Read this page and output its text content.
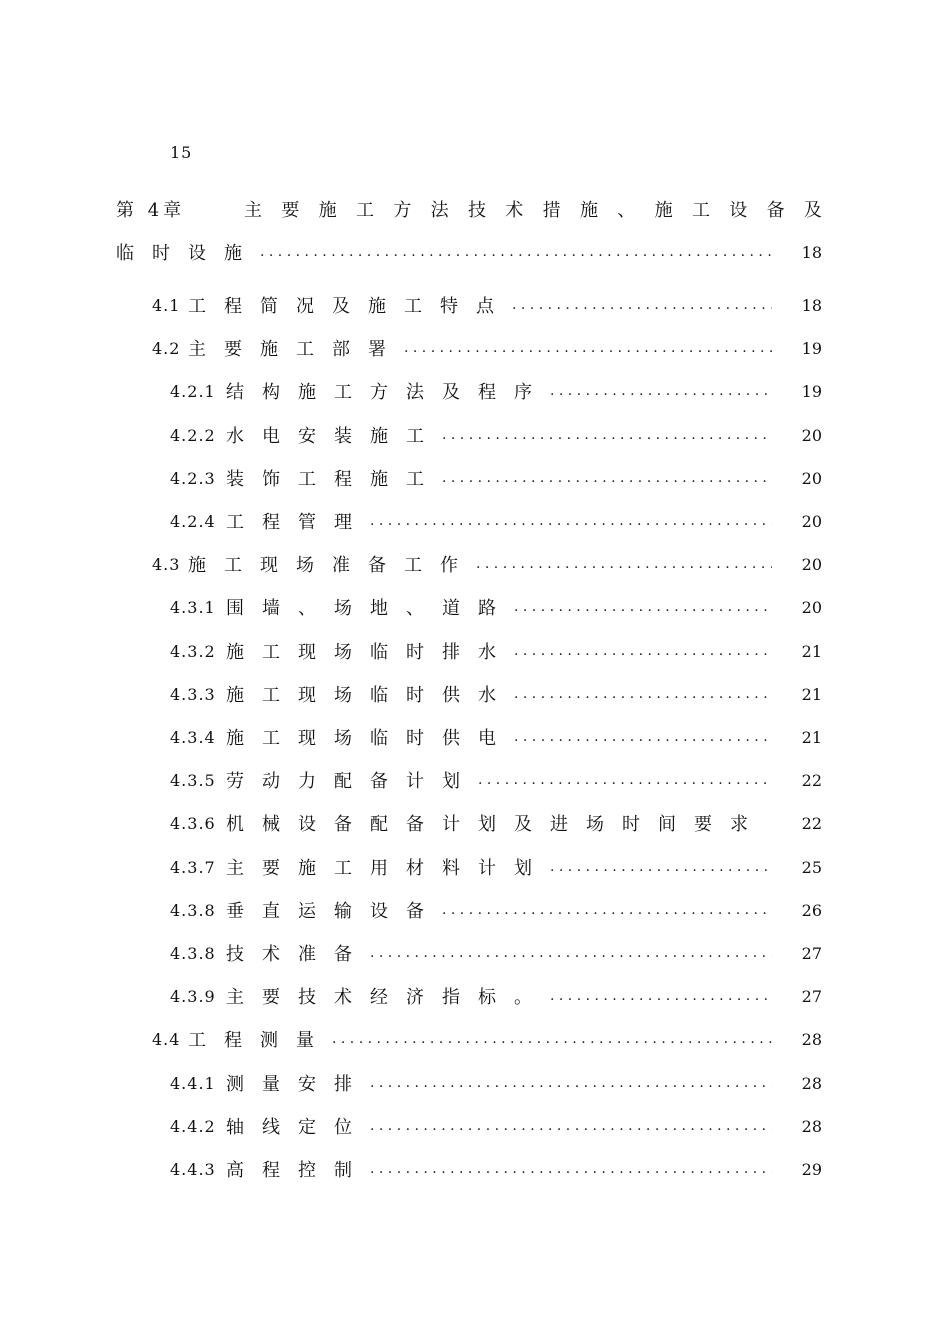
15
第 4章	主 要 施 工 方 法 技 术 措 施 、 施 工 设 备 及
临时设施 . . .	18
4.1 工程简况及施工特点 . . .	18
4.2 主要施工部署 . . .	19
4.2.1 结构施工方法及程序 . . .	19
4.2.2 水电安装施工 . . .	20
4.2.3 装饰工程施工 . . .	20
4.2.4 工程管理 . . .	20
4.3 施工现场准备工作 . . .	20
4.3.1 围墙、场地、道路 . . .	20
4.3.2 施工现场临时排水 . . .	21
4.3.3 施工现场临时供水 . . .	21
4.3.4 施工现场临时供电 . . .	21
4.3.5 劳动力配备计划 . . .	22
4.3.6 机械设备配备计划及进场时间要求	22
4.3.7 主要施工用材料计划 . . .	25
4.3.8 垂直运输设备 . . .	26
4.3.8 技术准备 . . .	27
4.3.9 主要技术经济指标。 . . .	27
4.4 工程测量 . . .	28
4.4.1 测量安排 . . .	28
4.4.2 轴线定位 . . .	28
4.4.3 高程控制 . . .	29
